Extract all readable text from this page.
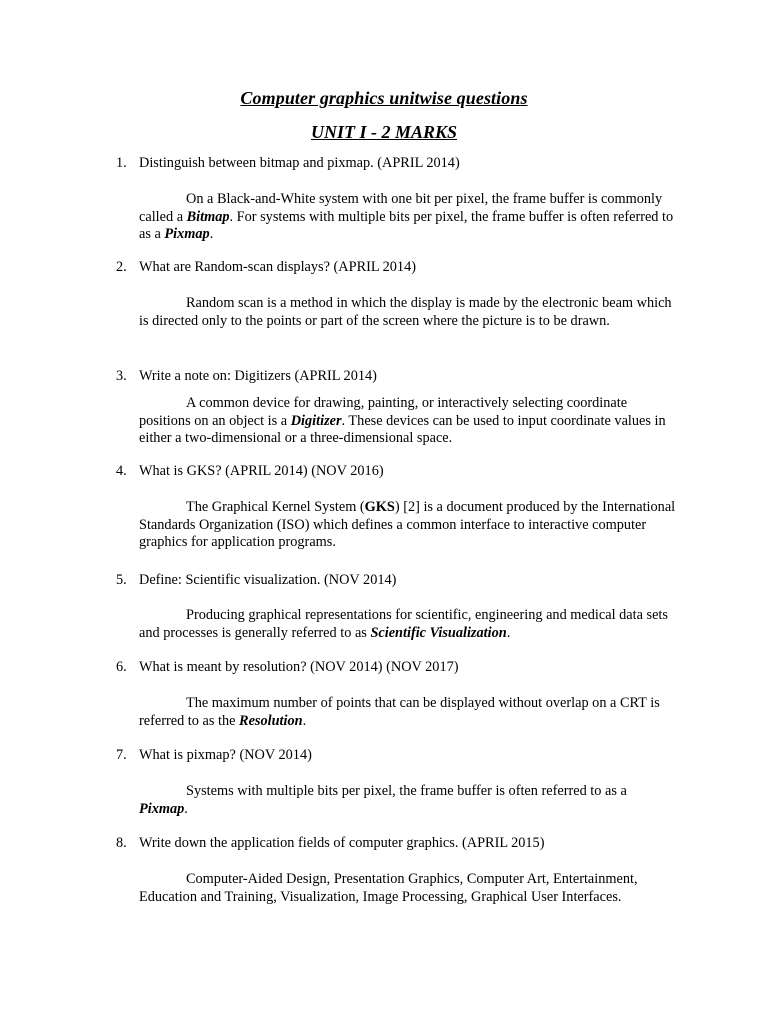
Computer graphics unitwise questions
UNIT I - 2 MARKS
1. Distinguish between bitmap and pixmap. (APRIL 2014)
On a Black-and-White system with one bit per pixel, the frame buffer is commonly called a Bitmap. For systems with multiple bits per pixel, the frame buffer is often referred to as a Pixmap.
2. What are Random-scan displays? (APRIL 2014)
Random scan is a method in which the display is made by the electronic beam which is directed only to the points or part of the screen where the picture is to be drawn.
3. Write a note on: Digitizers (APRIL 2014)
A common device for drawing, painting, or interactively selecting coordinate positions on an object is a Digitizer. These devices can be used to input coordinate values in either a two-dimensional or a three-dimensional space.
4. What is GKS? (APRIL 2014) (NOV 2016)
The Graphical Kernel System (GKS) [2] is a document produced by the International Standards Organization (ISO) which defines a common interface to interactive computer graphics for application programs.
5. Define: Scientific visualization. (NOV 2014)
Producing graphical representations for scientific, engineering and medical data sets and processes is generally referred to as Scientific Visualization.
6. What is meant by resolution? (NOV 2014) (NOV 2017)
The maximum number of points that can be displayed without overlap on a CRT is referred to as the Resolution.
7. What is pixmap? (NOV 2014)
Systems with multiple bits per pixel, the frame buffer is often referred to as a Pixmap.
8. Write down the application fields of computer graphics. (APRIL 2015)
Computer-Aided Design, Presentation Graphics, Computer Art, Entertainment, Education and Training, Visualization, Image Processing, Graphical User Interfaces.
